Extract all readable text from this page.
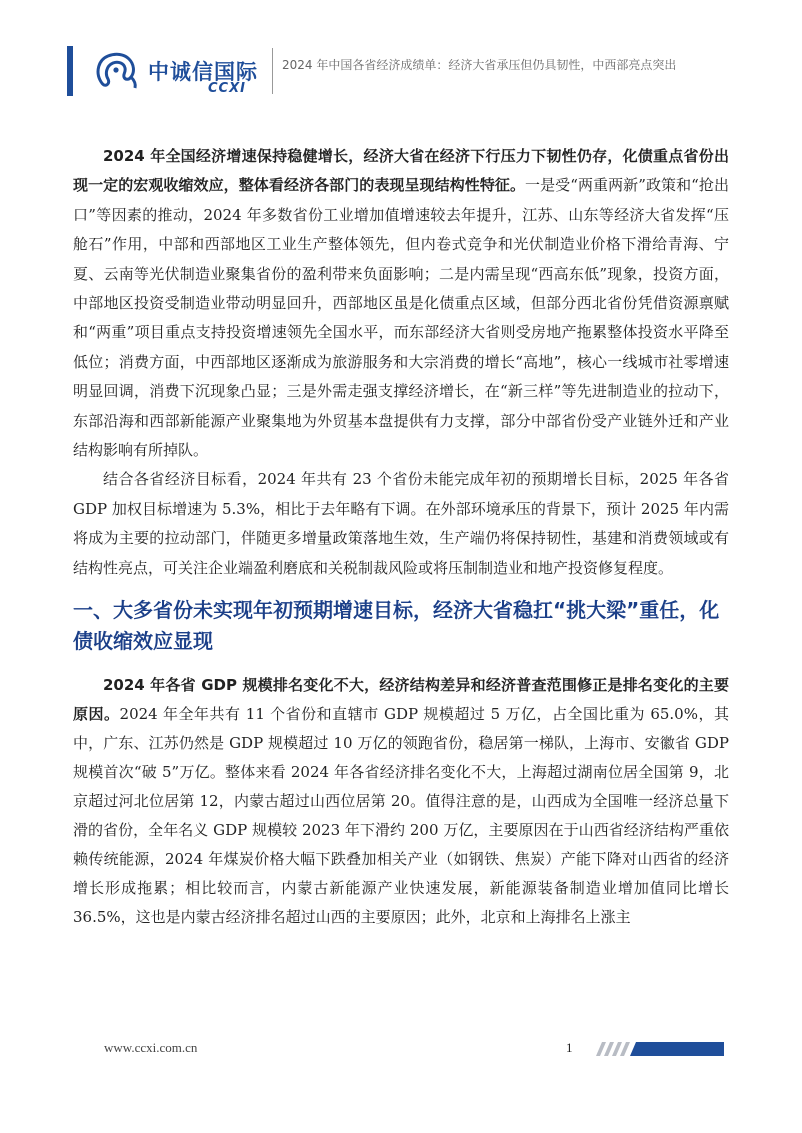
中诚信国际
CCXI
2024 年中国各省经济成绩单：经济大省承压但仍具韧性，中西部亮点突出

2024 年全国经济增速保持稳健增长，经济大省在经济下行压力下韧性仍存，化债重点省份出现一定的宏观收缩效应，整体看经济各部门的表现呈现结构性特征。一是受“两重两新”政策和“抢出口”等因素的推动，2024 年多数省份工业增加值增速较去年提升，江苏、山东等经济大省发挥“压舱石”作用，中部和西部地区工业生产整体领先，但内卷式竞争和光伏制造业价格下滑给青海、宁夏、云南等光伏制造业聚集省份的盈利带来负面影响；二是内需呈现“西高东低”现象，投资方面，中部地区投资受制造业带动明显回升，西部地区虽是化债重点区域，但部分西北省份凭借资源禀赋和“两重”项目重点支持投资增速领先全国水平，而东部经济大省则受房地产拖累整体投资水平降至低位；消费方面，中西部地区逐渐成为旅游服务和大宗消费的增长“高地”，核心一线城市社零增速明显回调，消费下沉现象凸显；三是外需走强支撑经济增长，在“新三样”等先进制造业的拉动下，东部沿海和西部新能源产业聚集地为外贸基本盘提供有力支撑，部分中部省份受产业链外迁和产业结构影响有所掉队。

结合各省经济目标看，2024 年共有 23 个省份未能完成年初的预期增长目标，2025 年各省 GDP 加权目标增速为 5.3%，相比于去年略有下调。在外部环境承压的背景下，预计 2025 年内需将成为主要的拉动部门，伴随更多增量政策落地生效，生产端仍将保持韧性，基建和消费领域或有结构性亮点，可关注企业端盈利磨底和关税制裁风险或将压制制造业和地产投资修复程度。

一、大多省份未实现年初预期增速目标，经济大省稳扛“挑大梁”重任，化债收缩效应显现

2024 年各省 GDP 规模排名变化不大，经济结构差异和经济普查范围修正是排名变化的主要原因。2024 年全年共有 11 个省份和直辖市 GDP 规模超过 5 万亿，占全国比重为 65.0%，其中，广东、江苏仍然是 GDP 规模超过 10 万亿的领跑省份，稳居第一梯队，上海市、安徽省 GDP 规模首次“破 5”万亿。整体来看 2024 年各省经济排名变化不大，上海超过湖南位居全国第 9，北京超过河北位居第 12，内蒙古超过山西位居第 20。值得注意的是，山西成为全国唯一经济总量下滑的省份，全年名义 GDP 规模较 2023 年下滑约 200 万亿，主要原因在于山西省经济结构严重依赖传统能源，2024 年煤炭价格大幅下跌叠加相关产业（如钢铁、焦炭）产能下降对山西省的经济增长形成拖累；相比较而言，内蒙古新能源产业快速发展，新能源装备制造业增加值同比增长 36.5%，这也是内蒙古经济排名超过山西的主要原因；此外，北京和上海排名上涨主

www.ccxi.com.cn	1
